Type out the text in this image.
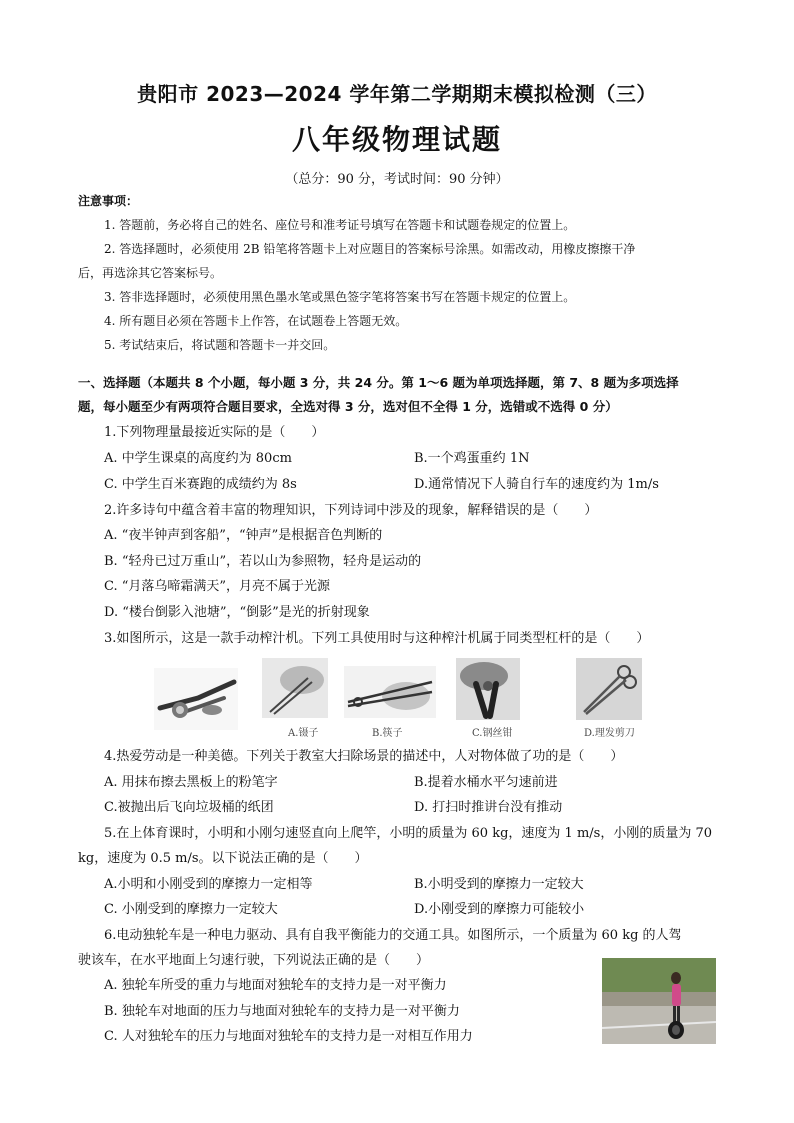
贵阳市 2023—2024 学年第二学期期末模拟检测（三）
八年级物理试题
（总分：90 分，考试时间：90 分钟）
注意事项：
1. 答题前，务必将自己的姓名、座位号和准考证号填写在答题卡和试题卷规定的位置上。
2. 答选择题时，必须使用 2B 铅笔将答题卡上对应题目的答案标号涂黑。如需改动，用橡皮擦擦干净
后，再选涂其它答案标号。
3. 答非选择题时，必须使用黑色墨水笔或黑色签字笔将答案书写在答题卡规定的位置上。
4. 所有题目必须在答题卡上作答，在试题卷上答题无效。
5. 考试结束后，将试题和答题卡一并交回。
一、选择题（本题共 8 个小题，每小题 3 分，共 24 分。第 1～6 题为单项选择题，第 7、8 题为多项选择
题，每小题至少有两项符合题目要求，全选对得 3 分，选对但不全得 1 分，选错或不选得 0 分）
1.下列物理量最接近实际的是（　　）
A. 中学生课桌的高度约为 80cm	B.一个鸡蛋重约 1N
C. 中学生百米赛跑的成绩约为 8s	D.通常情况下人骑自行车的速度约为 1m/s
2.许多诗句中蕴含着丰富的物理知识，下列诗词中涉及的现象，解释错误的是（　　）
A. “夜半钟声到客船”，“钟声”是根据音色判断的
B. “轻舟已过万重山”，若以山为参照物，轻舟是运动的
C. “月落乌啼霜满天”，月亮不属于光源
D. “楼台倒影入池塘”，“倒影”是光的折射现象
3.如图所示，这是一款手动榨汁机。下列工具使用时与这种榨汁机属于同类型杠杆的是（　　）
A.镊子	B.筷子	C.钢丝钳	D.理发剪刀
4.热爱劳动是一种美德。下列关于教室大扫除场景的描述中，人对物体做了功的是（　　）
A. 用抹布擦去黑板上的粉笔字	B.提着水桶水平匀速前进
C.被抛出后飞向垃圾桶的纸团	D. 打扫时推讲台没有推动
5.在上体育课时，小明和小刚匀速竖直向上爬竿，小明的质量为 60 kg，速度为 1 m/s，小刚的质量为 70
kg，速度为 0.5 m/s。以下说法正确的是（　　）
A.小明和小刚受到的摩擦力一定相等	B.小明受到的摩擦力一定较大
C. 小刚受到的摩擦力一定较大	D.小刚受到的摩擦力可能较小
6.电动独轮车是一种电力驱动、具有自我平衡能力的交通工具。如图所示，一个质量为 60 kg 的人驾
驶该车，在水平地面上匀速行驶，下列说法正确的是（　　）
A. 独轮车所受的重力与地面对独轮车的支持力是一对平衡力
B. 独轮车对地面的压力与地面对独轮车的支持力是一对平衡力
C. 人对独轮车的压力与地面对独轮车的支持力是一对相互作用力
